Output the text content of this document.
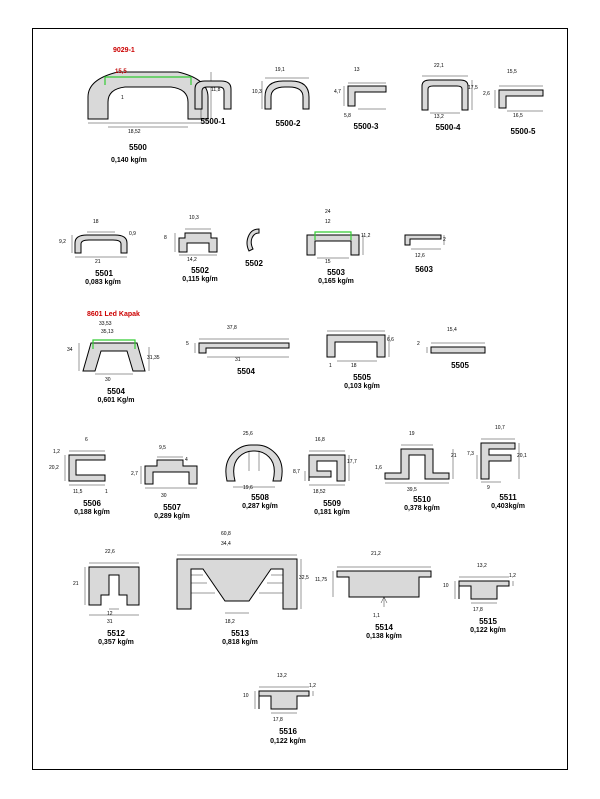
9029-1
15,5
11,8
1
18,52
5500
0,140 kg/m
5500-1
19,1
10,3
5500-2
13
4,7
5,8
5500-3
22,1
17,5
13,2
5500-4
15,5
16,5
2,6
5500-5
18
9,2
0,9
21
5501
0,083 kg/m
10,3
8
14,2
5502
0,115 kg/m
5502
24
12
11,2
15
5503
0,165 kg/m
12,6
2
5603
8601 Led Kapak
33,53
35,13
34
31,35
30
5504
0,601 Kg/m
37,8
31
5
5504
6,6
18
1
5505
0,103 kg/m
15,4
2
5505
6
1,2
20,2
11,5	1
5506
0,188 kg/m
9,5
4
30
2,7
5507
0,289 kg/m
25,6
19,6
5508
0,287 kg/m
16,8
17,7
8,7
18,52
5509
0,181 kg/m
19
21
1,6
39,5
5510
0,378 kg/m
10,7
20,1
7,3
9
5511
0,403kg/m
22,6
21
12
31
5512
0,357 kg/m
60,8
34,4
32,5
18,2
5513
0,818 kg/m
21,2
11,75
1,1
5514
0,138 kg/m
13,2
1,2
10
17,8
5515
0,122 kg/m
13,2
1,2
10
17,8
5516
0,122 kg/m
